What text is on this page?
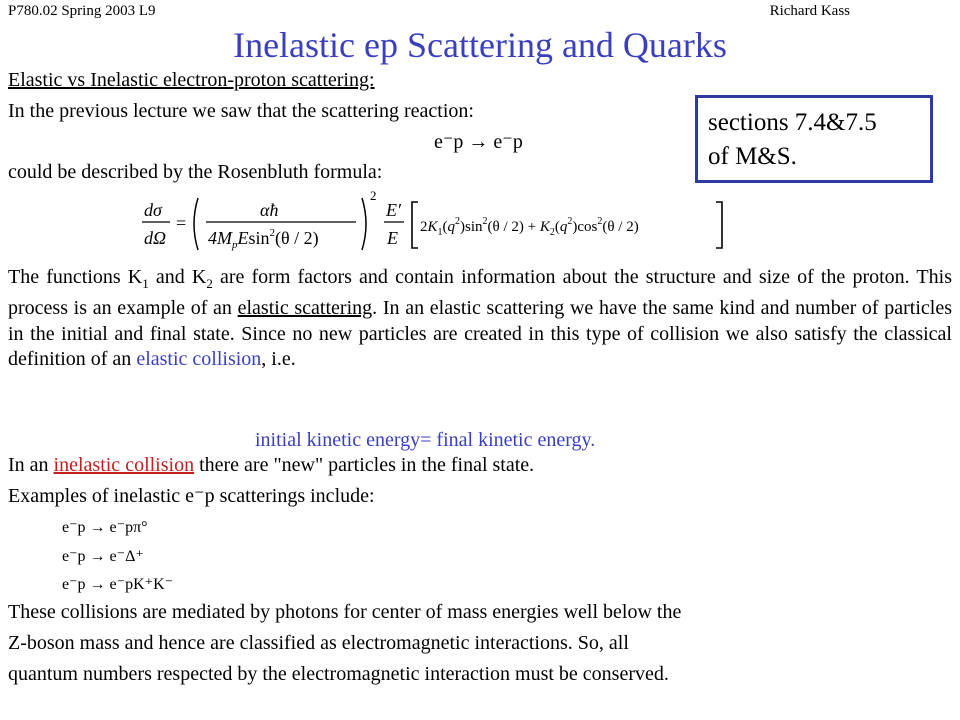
P780.02 Spring 2003 L9	Richard Kass
Inelastic ep Scattering and Quarks
Elastic vs Inelastic electron-proton scattering:
In the previous lecture we saw that the scattering reaction:
e⁻p → e⁻p
could be described by the Rosenbluth formula:
sections 7.4&7.5
of M&S.
dσ
dΩ
=
αħ
$4M_pEsin^2(\theta / 2)$
2
E′
E
$2K_1(q^2)\sin^2(\theta / 2) + K_2(q^2)\cos^2(\theta / 2)$
The functions $K_1$ and $K_2$ are form factors and contain information about the structure and size of the proton. This process is an example of an elastic scattering. In an elastic scattering we have the same kind and number of particles in the initial and final state. Since no new particles are created in this type of collision we also satisfy the classical definition of an elastic collision, i.e.
initial kinetic energy= final kinetic energy.
In an inelastic collision there are "new" particles in the final state.
Examples of inelastic e⁻p scatterings include:
e⁻p → e⁻pπ°
e⁻p → e⁻Δ⁺
e⁻p → e⁻pK⁺K⁻
These collisions are mediated by photons for center of mass energies well below the
Z-boson mass and hence are classified as electromagnetic interactions. So, all
quantum numbers respected by the electromagnetic interaction must be conserved.
